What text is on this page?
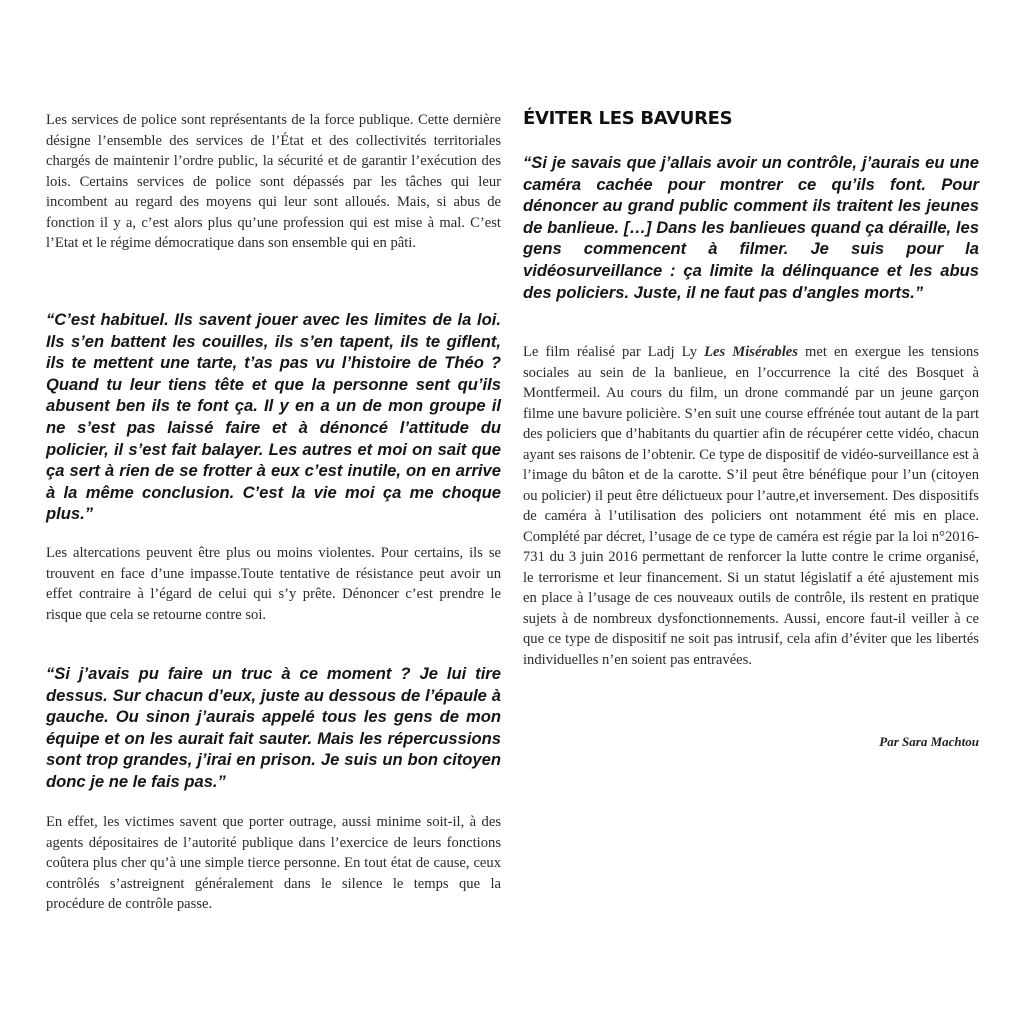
Les services de police sont représentants de la force publique. Cette dernière désigne l’ensemble des services de l’État et des collectivités territoriales chargés de maintenir l’ordre public, la sécurité et de garantir l’exécution des lois. Certains services de police sont dépassés par les tâches qui leur incombent au regard des moyens qui leur sont alloués. Mais, si abus de fonction il y a, c’est alors plus qu’une profession qui est mise à mal. C’est l’Etat et le régime démocratique dans son ensemble qui en pâti.

“C’est habituel. Ils savent jouer avec les limites de la loi. Ils s’en battent les couilles, ils s’en tapent, ils te giflent, ils te mettent une tarte, t’as pas vu l’histoire de Théo ? Quand tu leur tiens tête et que la personne sent qu’ils abusent ben ils te font ça. Il y en a un de mon groupe il ne s’est pas laissé faire et à dénoncé l’attitude du policier, il s’est fait balayer. Les autres et moi on sait que ça sert à rien de se frotter à eux c’est inutile, on en arrive à la même conclusion. C’est la vie moi ça me choque plus.”

Les altercations peuvent être plus ou moins violentes. Pour certains, ils se trouvent en face d’une impasse.Toute tentative de résistance peut avoir un effet contraire à l’égard de celui qui s’y prête. Dénoncer c’est prendre le risque que cela se retourne contre soi.

“Si j’avais pu faire un truc à ce moment ? Je lui tire dessus. Sur chacun d’eux, juste au dessous de l’épaule à gauche. Ou sinon j’aurais appelé tous les gens de mon équipe et on les aurait fait sauter. Mais les répercussions sont trop grandes, j’irai en prison. Je suis un bon citoyen donc je ne le fais pas.”

En effet, les victimes savent que porter outrage, aussi minime soit-il, à des agents dépositaires de l’autorité publique dans l’exercice de leurs fonctions coûtera plus cher qu’à une simple tierce personne. En tout état de cause, ceux contrôlés s’astreignent généralement dans le silence le temps que la procédure de contrôle passe.

ÉVITER LES BAVURES

“Si je savais que j’allais avoir un contrôle, j’aurais eu une caméra cachée pour montrer ce qu’ils font. Pour dénoncer au grand public comment ils traitent les jeunes de banlieue. […] Dans les banlieues quand ça déraille, les gens commencent à filmer. Je suis pour la vidéosurveillance : ça limite la délinquance et les abus des policiers. Juste, il ne faut pas d’angles morts.”

Le film réalisé par Ladj Ly Les Misérables met en exergue les tensions sociales au sein de la banlieue, en l’occurrence la cité des Bosquet à Montfermeil. Au cours du film, un drone commandé par un jeune garçon filme une bavure policière. S’en suit une course effrénée tout autant de la part des policiers que d’habitants du quartier afin de récupérer cette vidéo, chacun ayant ses raisons de l’obtenir. Ce type de dispositif de vidéo-surveillance est à l’image du bâton et de la carotte. S’il peut être bénéfique pour l’un (citoyen ou policier) il peut être délictueux pour l’autre,et inversement. Des dispositifs de caméra à l’utilisation des policiers ont notamment été mis en place. Complété par décret, l’usage de ce type de caméra est régie par la loi n°2016-731 du 3 juin 2016 permettant de renforcer la lutte contre le crime organisé, le terrorisme et leur financement. Si un statut législatif a été ajustement mis en place à l’usage de ces nouveaux outils de contrôle, ils restent en pratique sujets à de nombreux dysfonctionnements. Aussi, encore faut-il veiller à ce que ce type de dispositif ne soit pas intrusif, cela afin d’éviter que les libertés individuelles n’en soient pas entravées.

Par Sara Machtou
